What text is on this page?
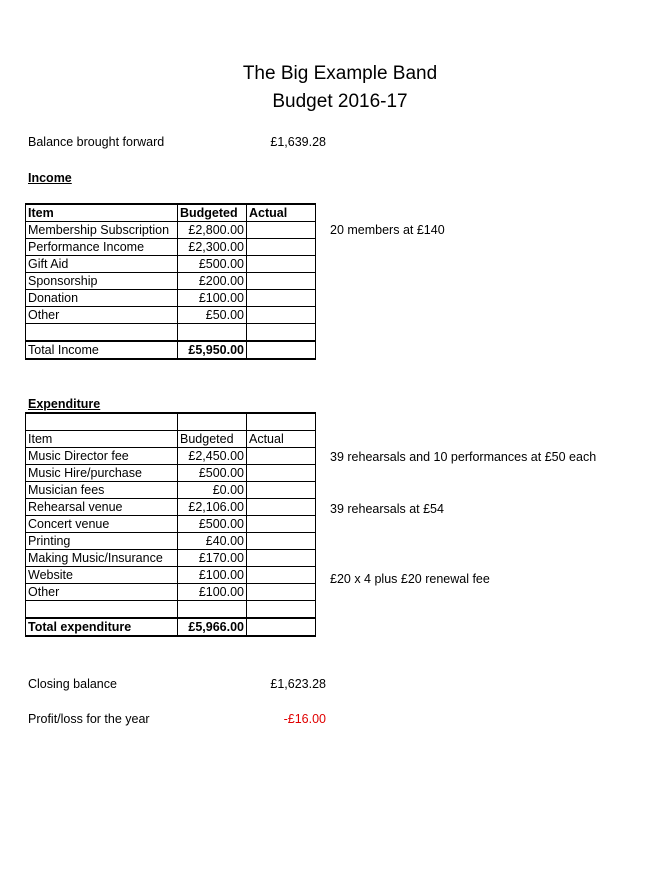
The Big Example Band
Budget 2016-17
Balance brought forward	£1,639.28
Income
Item	Budgeted	Actual
Membership Subscription	£2,800.00	
Performance Income	£2,300.00	
Gift Aid	£500.00	
Sponsorship	£200.00	
Donation	£100.00	
Other	£50.00	

Total Income	£5,950.00	
20 members at £140
Expenditure

Item	Budgeted	Actual
Music Director fee	£2,450.00	
Music Hire/purchase	£500.00	
Musician fees	£0.00	
Rehearsal venue	£2,106.00	
Concert venue	£500.00	
Printing	£40.00	
Making Music/Insurance	£170.00	
Website	£100.00	
Other	£100.00	

Total expenditure	£5,966.00	
39 rehearsals and 10 performances at £50 each
39 rehearsals at £54
£20 x 4 plus £20 renewal fee
Closing balance	£1,623.28
Profit/loss for the year	-£16.00
